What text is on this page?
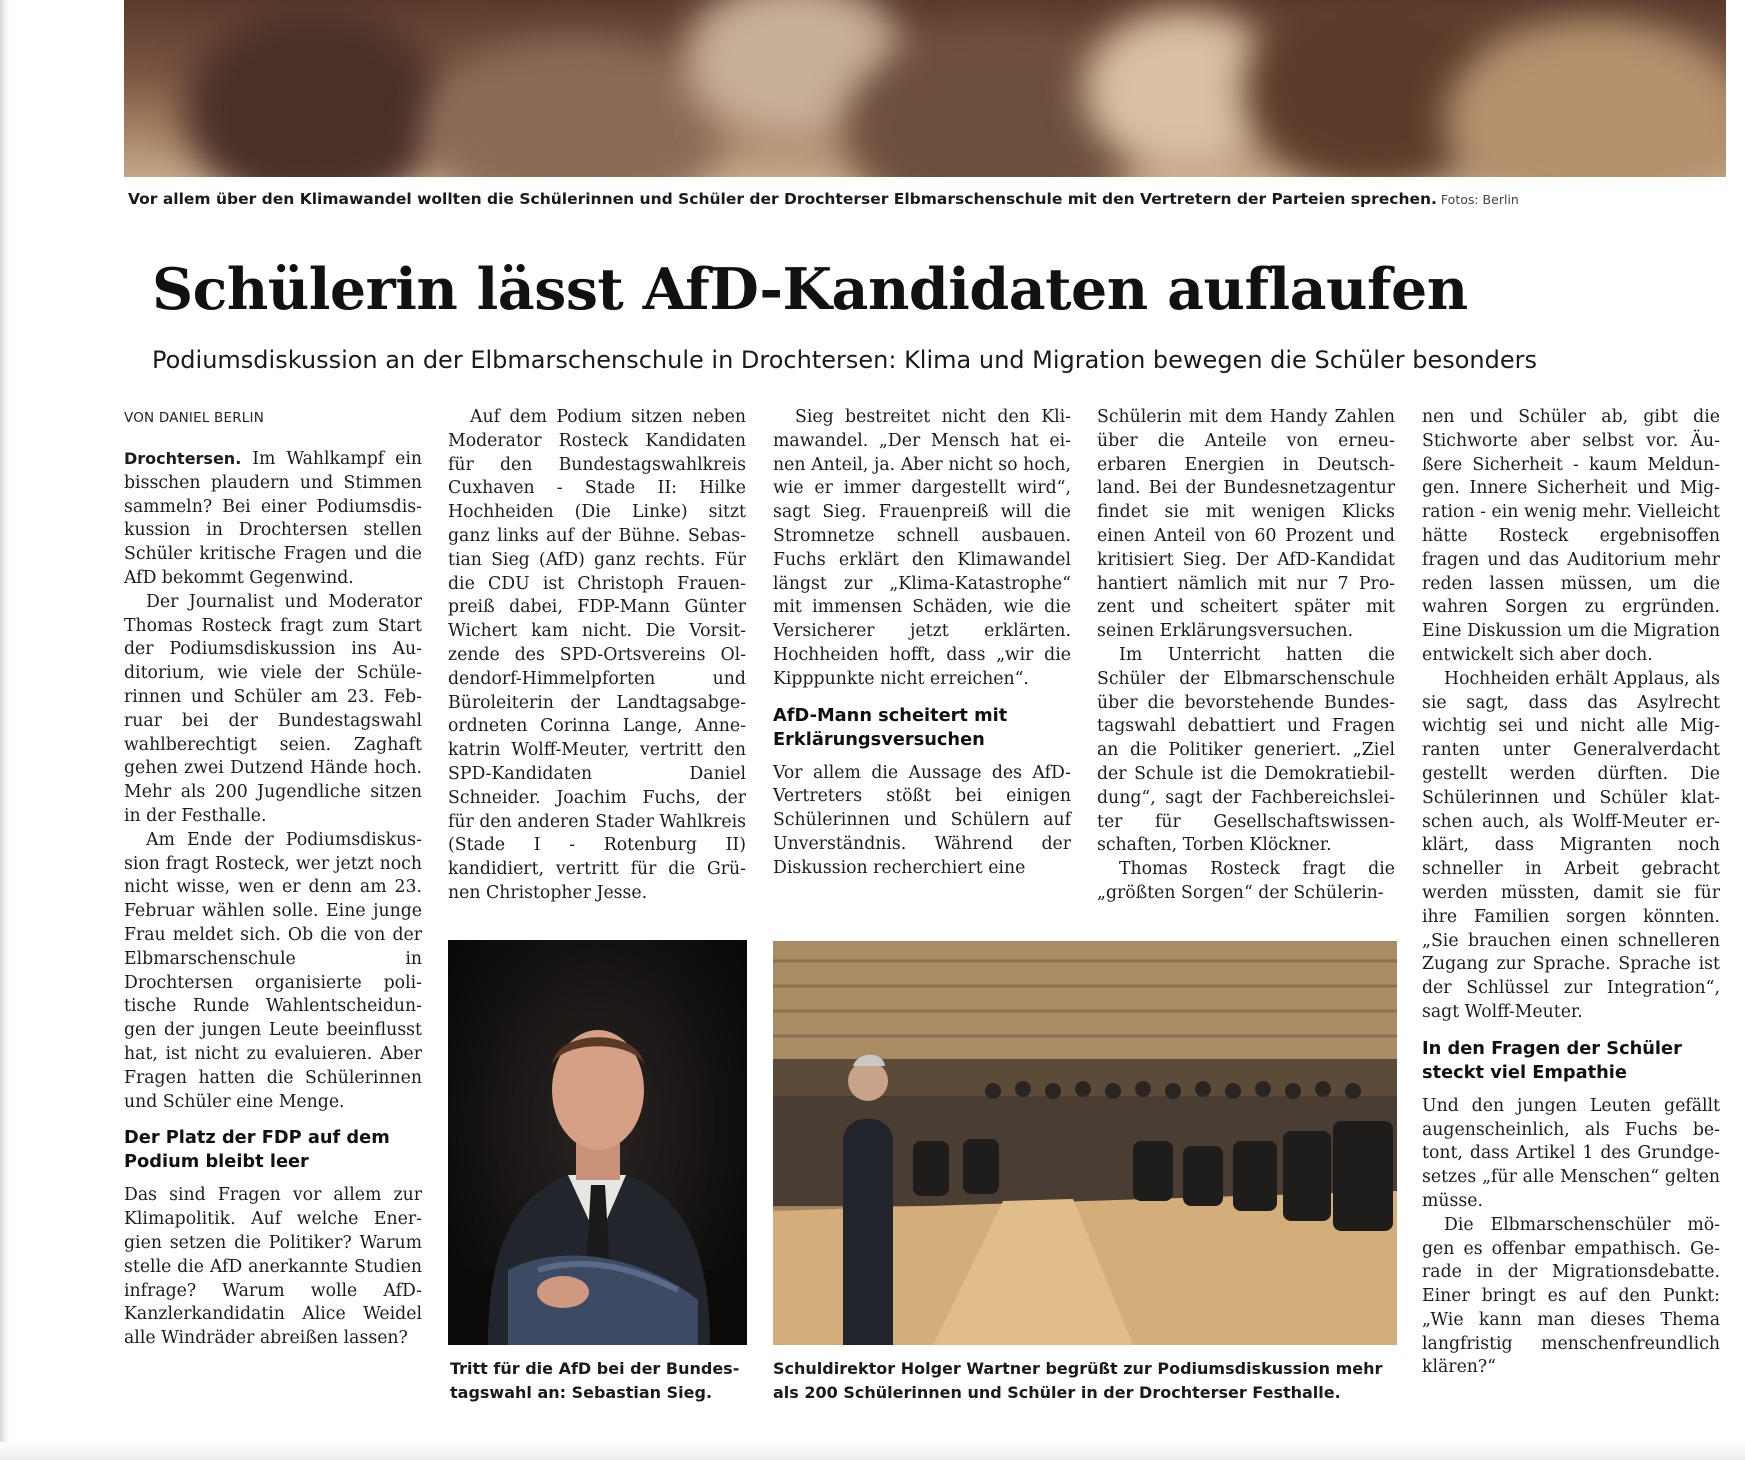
Vor allem über den Klimawandel wollten die Schülerinnen und Schüler der Drochterser Elbmarschenschule mit den Vertretern der Parteien sprechen. Fotos: Berlin
Schülerin lässt AfD-Kandidaten auflaufen
Podiumsdiskussion an der Elbmarschenschule in Drochtersen: Klima und Migration bewegen die Schüler besonders
VON DANIEL BERLIN

Drochtersen. Im Wahlkampf ein bisschen plaudern und Stimmen sammeln? Bei einer Podiumsdiskussion in Drochtersen stellen Schüler kritische Fragen und die AfD bekommt Gegenwind.

Der Journalist und Moderator Thomas Rosteck fragt zum Start der Podiumsdiskussion ins Auditorium, wie viele der Schülerinnen und Schüler am 23. Februar bei der Bundestagswahl wahlberechtigt seien. Zaghaft gehen zwei Dutzend Hände hoch. Mehr als 200 Jugendliche sitzen in der Festhalle.

Am Ende der Podiumsdiskussion fragt Rosteck, wer jetzt noch nicht wisse, wen er denn am 23. Februar wählen solle. Eine junge Frau meldet sich. Ob die von der Elbmarschenschule in Drochtersen organisierte politische Runde Wahlentscheidungen der jungen Leute beeinflusst hat, ist nicht zu evaluieren. Aber Fragen hatten die Schülerinnen und Schüler eine Menge.

Der Platz der FDP auf dem Podium bleibt leer

Das sind Fragen vor allem zur Klimapolitik. Auf welche Energien setzen die Politiker? Warum stelle die AfD anerkannte Studien infrage? Warum wolle AfD-Kanzlerkandidatin Alice Weidel alle Windräder abreißen lassen?

Auf dem Podium sitzen neben Moderator Rosteck Kandidaten für den Bundestagswahlkreis Cuxhaven - Stade II: Hilke Hochheiden (Die Linke) sitzt ganz links auf der Bühne. Sebastian Sieg (AfD) ganz rechts. Für die CDU ist Christoph Frauenpreiß dabei, FDP-Mann Günter Wichert kam nicht. Die Vorsitzende des SPD-Ortsvereins Oldendorf-Himmelpforten und Büroleiterin der Landtagsabgeordneten Corinna Lange, Annekatrin Wolff-Meuter, vertritt den SPD-Kandidaten Daniel Schneider. Joachim Fuchs, der für den anderen Stader Wahlkreis (Stade I - Rotenburg II) kandidiert, vertritt für die Grünen Christopher Jesse.

Sieg bestreitet nicht den Klimawandel. „Der Mensch hat einen Anteil, ja. Aber nicht so hoch, wie er immer dargestellt wird“, sagt Sieg. Frauenpreiß will die Stromnetze schnell ausbauen. Fuchs erklärt den Klimawandel längst zur „Klima-Katastrophe“ mit immensen Schäden, wie die Versicherer jetzt erklärten. Hochheiden hofft, dass „wir die Kipppunkte nicht erreichen“.

AfD-Mann scheitert mit Erklärungsversuchen

Vor allem die Aussage des AfD-Vertreters stößt bei einigen Schülerinnen und Schülern auf Unverständnis. Während der Diskussion recherchiert eine

Schülerin mit dem Handy Zahlen über die Anteile von erneuerbaren Energien in Deutschland. Bei der Bundesnetzagentur findet sie mit wenigen Klicks einen Anteil von 60 Prozent und kritisiert Sieg. Der AfD-Kandidat hantiert nämlich mit nur 7 Prozent und scheitert später mit seinen Erklärungsversuchen.

Im Unterricht hatten die Schüler der Elbmarschenschule über die bevorstehende Bundestagswahl debattiert und Fragen an die Politiker generiert. „Ziel der Schule ist die Demokratiebildung“, sagt der Fachbereichsleiter für Gesellschaftswissenschaften, Torben Klöckner.

Thomas Rosteck fragt die „größten Sorgen“ der Schülerin-

nen und Schüler ab, gibt die Stichworte aber selbst vor. Äußere Sicherheit - kaum Meldungen. Innere Sicherheit und Migration - ein wenig mehr. Vielleicht hätte Rosteck ergebnisoffen fragen und das Auditorium mehr reden lassen müssen, um die wahren Sorgen zu ergründen. Eine Diskussion um die Migration entwickelt sich aber doch.

Hochheiden erhält Applaus, als sie sagt, dass das Asylrecht wichtig sei und nicht alle Migranten unter Generalverdacht gestellt werden dürften. Die Schülerinnen und Schüler klatschen auch, als Wolff-Meuter erklärt, dass Migranten noch schneller in Arbeit gebracht werden müssten, damit sie für ihre Familien sorgen könnten. „Sie brauchen einen schnelleren Zugang zur Sprache. Sprache ist der Schlüssel zur Integration“, sagt Wolff-Meuter.

In den Fragen der Schüler steckt viel Empathie

Und den jungen Leuten gefällt augenscheinlich, als Fuchs betont, dass Artikel 1 des Grundgesetzes „für alle Menschen“ gelten müsse.

Die Elbmarschenschüler mögen es offenbar empathisch. Gerade in der Migrationsdebatte. Einer bringt es auf den Punkt: „Wie kann man dieses Thema langfristig menschenfreundlich klären?“

Tritt für die AfD bei der Bundestagswahl an: Sebastian Sieg.
Schuldirektor Holger Wartner begrüßt zur Podiumsdiskussion mehr als 200 Schülerinnen und Schüler in der Drochterser Festhalle.
